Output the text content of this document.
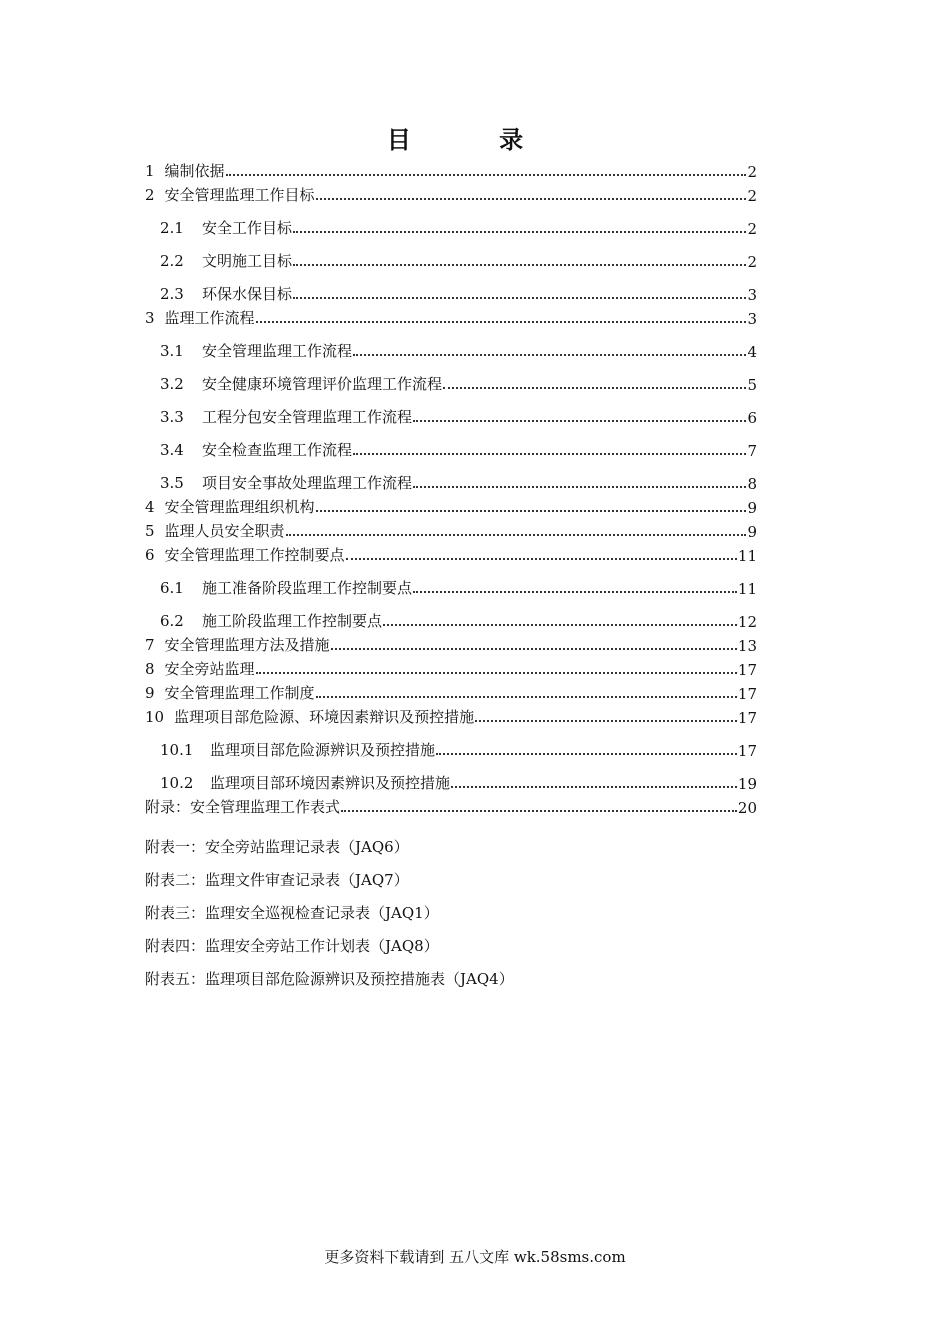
目 录
1 编制依据	2
2 安全管理监理工作目标	2
2.1 安全工作目标	2
2.2 文明施工目标	2
2.3 环保水保目标	3
3 监理工作流程	3
3.1 安全管理监理工作流程	4
3.2 安全健康环境管理评价监理工作流程	5
3.3 工程分包安全管理监理工作流程	6
3.4 安全检查监理工作流程	7
3.5 项目安全事故处理监理工作流程	8
4 安全管理监理组织机构	9
5 监理人员安全职责	9
6 安全管理监理工作控制要点	11
6.1 施工准备阶段监理工作控制要点	11
6.2 施工阶段监理工作控制要点	12
7 安全管理监理方法及措施	13
8 安全旁站监理	17
9 安全管理监理工作制度	17
10 监理项目部危险源、环境因素辩识及预控措施	17
10.1 监理项目部危险源辨识及预控措施	17
10.2 监理项目部环境因素辨识及预控措施	19
附录：安全管理监理工作表式	20
附表一：安全旁站监理记录表（JAQ6）
附表二：监理文件审查记录表（JAQ7）
附表三：监理安全巡视检查记录表（JAQ1）
附表四：监理安全旁站工作计划表（JAQ8）
附表五：监理项目部危险源辨识及预控措施表（JAQ4）
更多资料下载请到 五八文库 wk.58sms.com
